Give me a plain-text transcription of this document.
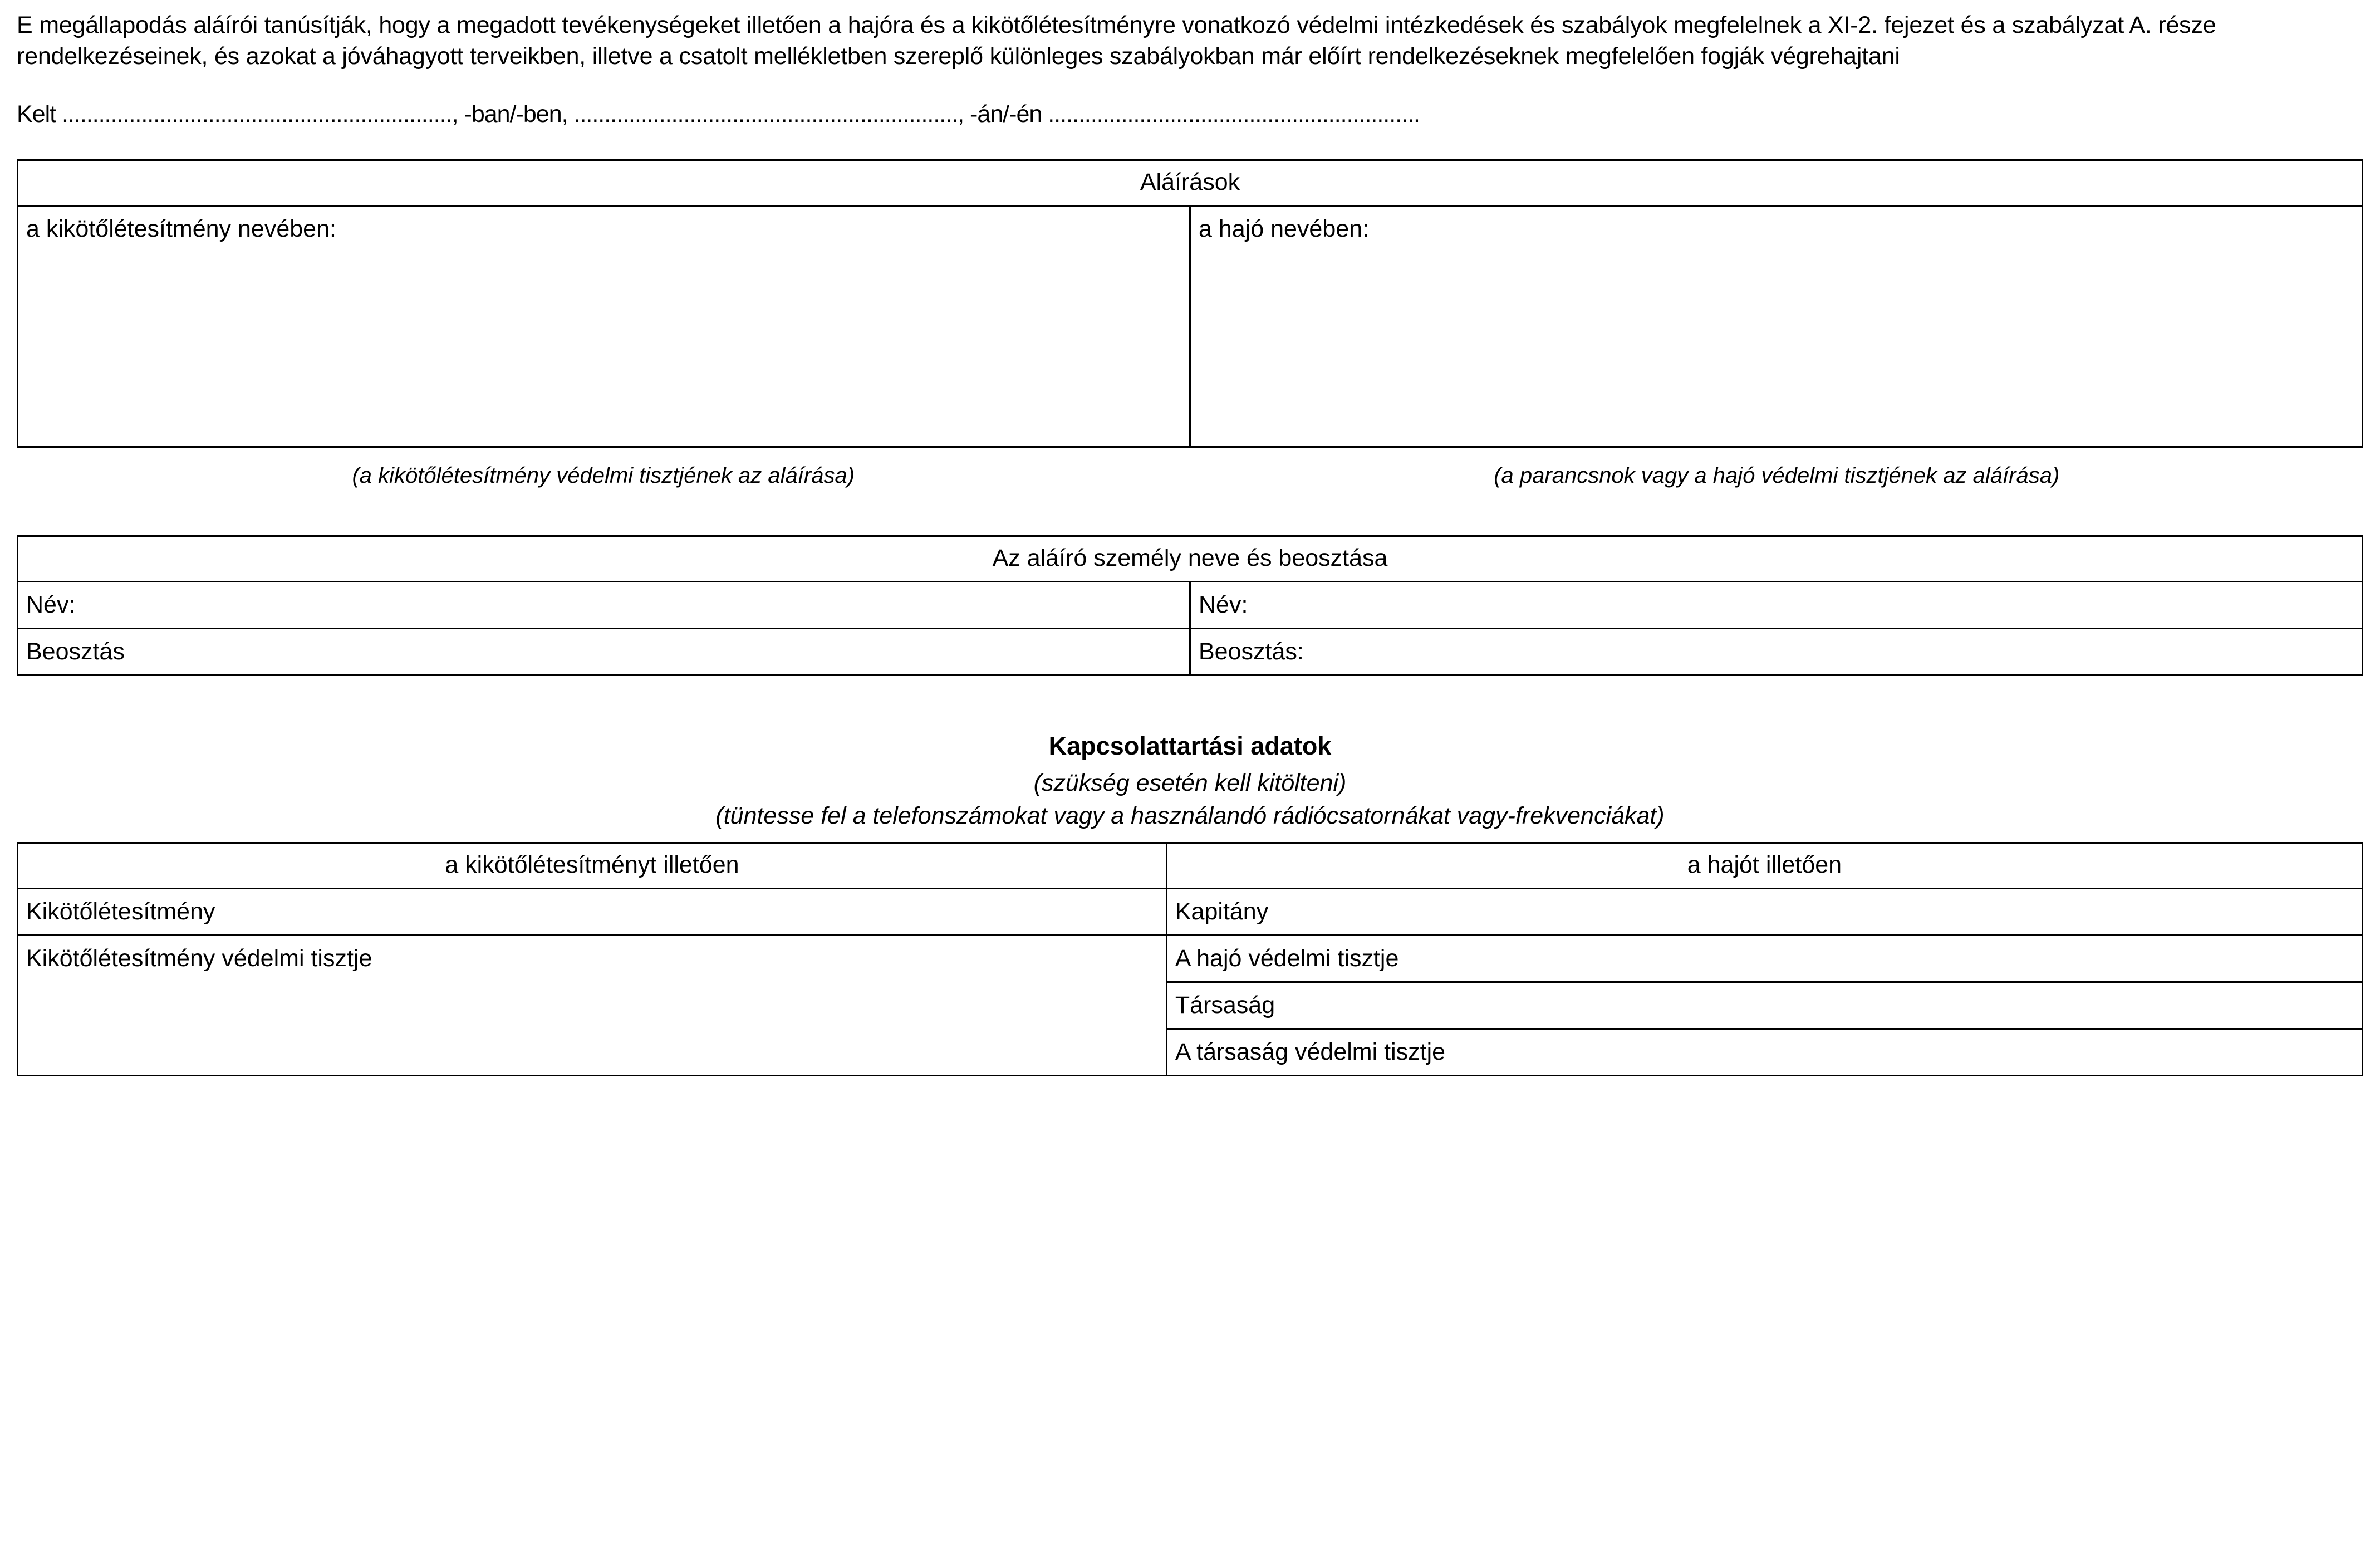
E megállapodás aláírói tanúsítják, hogy a megadott tevékenységeket illetően a hajóra és a kikötőlétesítményre vonatkozó védelmi intézkedések és szabályok megfelelnek a XI-2. fejezet és a szabályzat A. része rendelkezéseinek, és azokat a jóváhagyott terveikben, illetve a csatolt mellékletben szereplő különleges szabályokban már előírt rendelkezéseknek megfelelően fogják végrehajtani

Kelt ................................................................, -ban/-ben, ..............................................................., -án/-én .............................................................
Aláírások

a kikötőlétesítmény nevében:	a hajó nevében:
(a kikötőlétesítmény védelmi tisztjének az aláírása)	(a parancsnok vagy a hajó védelmi tisztjének az aláírása)
Az aláíró személy neve és beosztása	
Név:	Név:
Beosztás	Beosztás:
Kapcsolattartási adatok
(szükség esetén kell kitölteni)
(tüntesse fel a telefonszámokat vagy a használandó rádiócsatornákat vagy-frekvenciákat)
a kikötőlétesítményt illetően	a hajót illetően
Kikötőlétesítmény	Kapitány
Kikötőlétesítmény védelmi tisztje	A hajó védelmi tisztje
	Társaság
	A társaság védelmi tisztje
